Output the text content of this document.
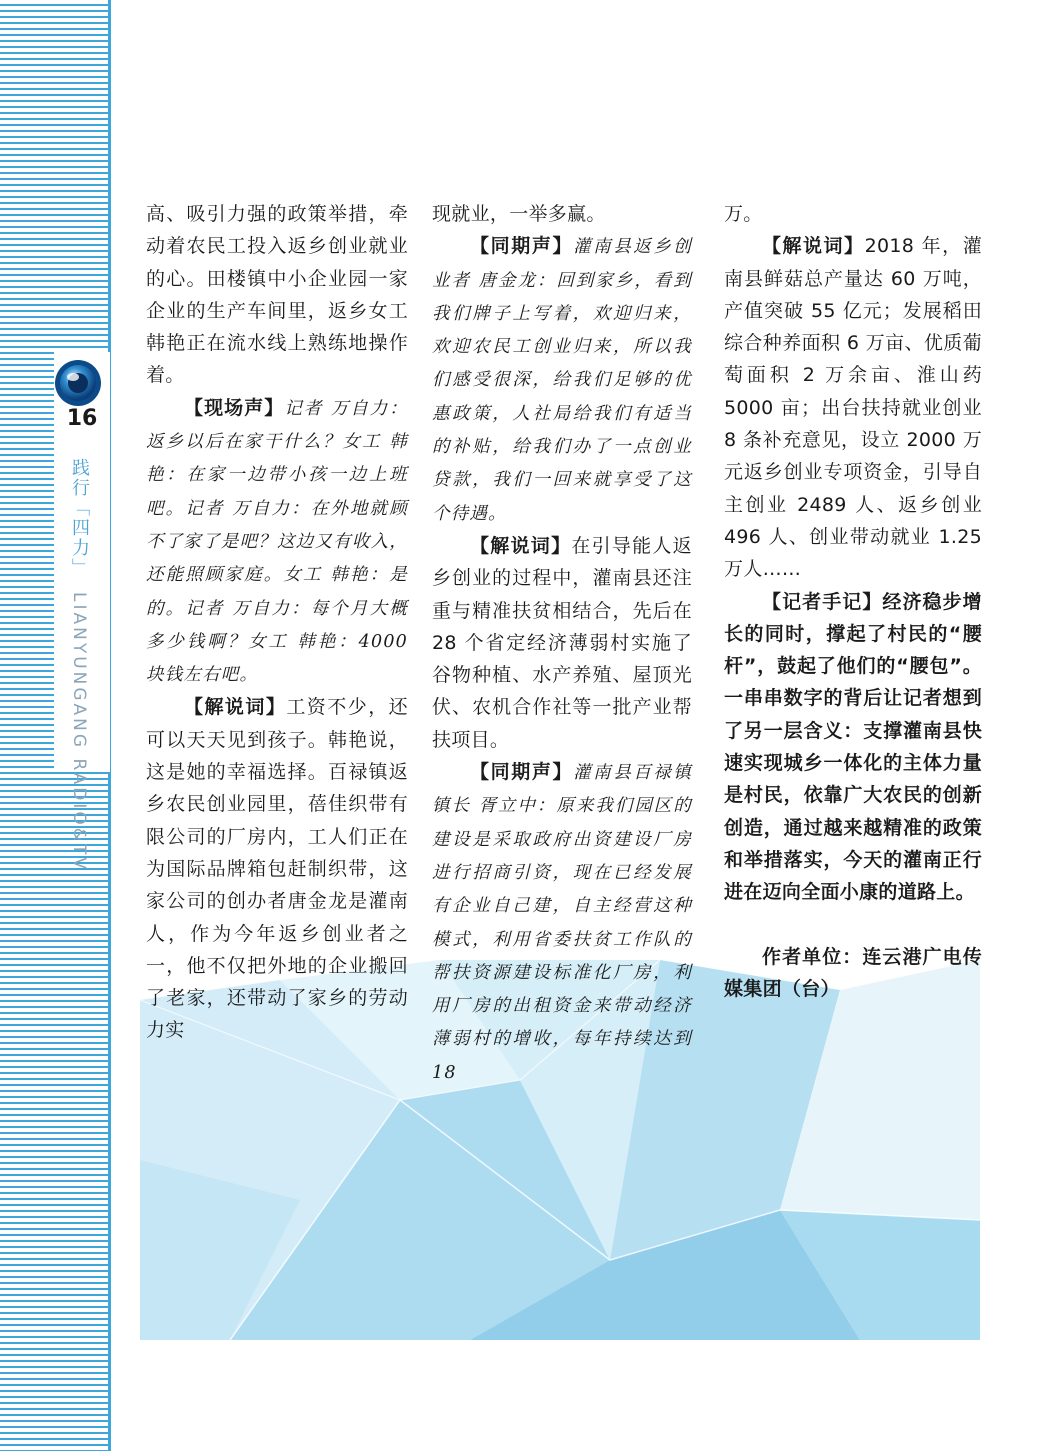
16
践行「四力」LIANYUNGANG RADIO&TV

高、吸引力强的政策举措，牵动着农民工投入返乡创业就业的心。田楼镇中小企业园一家企业的生产车间里，返乡女工韩艳正在流水线上熟练地操作着。

【现场声】记者 万自力：返乡以后在家干什么？女工 韩艳：在家一边带小孩一边上班吧。记者 万自力：在外地就顾不了家了是吧？这边又有收入，还能照顾家庭。女工 韩艳：是的。记者 万自力：每个月大概多少钱啊？女工 韩艳：4000 块钱左右吧。

【解说词】工资不少，还可以天天见到孩子。韩艳说，这是她的幸福选择。百禄镇返乡农民创业园里，蓓佳织带有限公司的厂房内，工人们正在为国际品牌箱包赶制织带，这家公司的创办者唐金龙是灌南人，作为今年返乡创业者之一，他不仅把外地的企业搬回了老家，还带动了家乡的劳动力实

现就业，一举多赢。

【同期声】灌南县返乡创业者 唐金龙：回到家乡，看到我们牌子上写着，欢迎归来，欢迎农民工创业归来，所以我们感受很深，给我们足够的优惠政策，人社局给我们有适当的补贴，给我们办了一点创业贷款，我们一回来就享受了这个待遇。

【解说词】在引导能人返乡创业的过程中，灌南县还注重与精准扶贫相结合，先后在 28 个省定经济薄弱村实施了谷物种植、水产养殖、屋顶光伏、农机合作社等一批产业帮扶项目。

【同期声】灌南县百禄镇镇长 胥立中：原来我们园区的建设是采取政府出资建设厂房进行招商引资，现在已经发展有企业自己建，自主经营这种模式，利用省委扶贫工作队的帮扶资源建设标准化厂房，利用厂房的出租资金来带动经济薄弱村的增收，每年持续达到 18

万。

【解说词】2018 年，灌南县鲜菇总产量达 60 万吨，产值突破 55 亿元；发展稻田综合种养面积 6 万亩、优质葡萄面积 2 万余亩、淮山药 5000 亩；出台扶持就业创业 8 条补充意见，设立 2000 万元返乡创业专项资金，引导自主创业 2489 人、返乡创业 496 人、创业带动就业 1.25 万人……

【记者手记】经济稳步增长的同时，撑起了村民的“腰杆”，鼓起了他们的“腰包”。一串串数字的背后让记者想到了另一层含义：支撑灌南县快速实现城乡一体化的主体力量是村民，依靠广大农民的创新创造，通过越来越精准的政策和举措落实，今天的灌南正行进在迈向全面小康的道路上。

作者单位：连云港广电传媒集团（台）
